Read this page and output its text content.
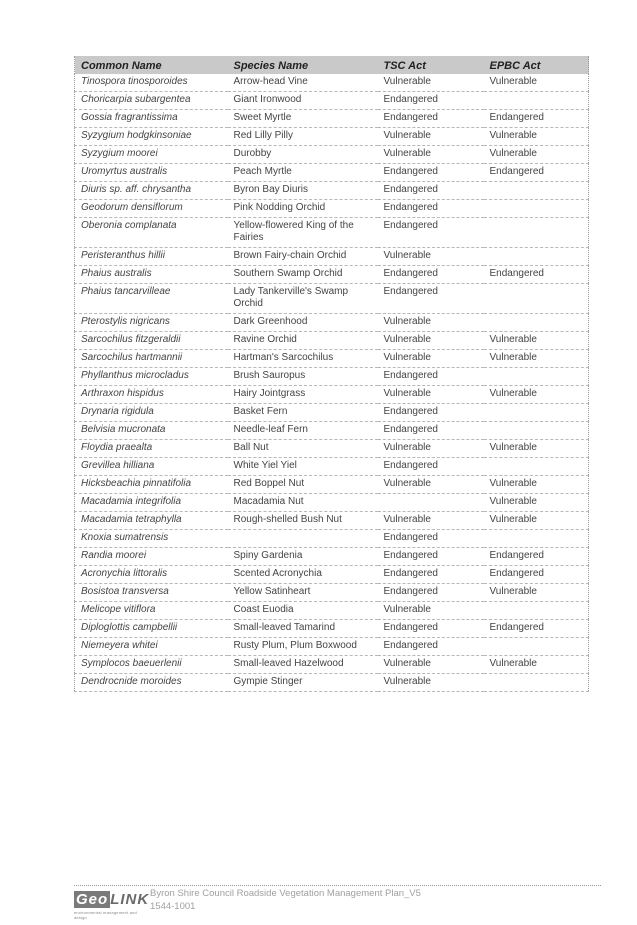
Common Name	Species Name	TSC Act	EPBC Act
Tinospora tinosporoides	Arrow-head Vine	Vulnerable	Vulnerable
Choricarpia subargentea	Giant Ironwood	Endangered	
Gossia fragrantissima	Sweet Myrtle	Endangered	Endangered
Syzygium hodgkinsoniae	Red Lilly Pilly	Vulnerable	Vulnerable
Syzygium moorei	Durobby	Vulnerable	Vulnerable
Uromyrtus australis	Peach Myrtle	Endangered	Endangered
Diuris sp. aff. chrysantha	Byron Bay Diuris	Endangered	
Geodorum densiflorum	Pink Nodding Orchid	Endangered	
Oberonia complanata	Yellow-flowered King of the Fairies	Endangered	
Peristeranthus hillii	Brown Fairy-chain Orchid	Vulnerable	
Phaius australis	Southern Swamp Orchid	Endangered	Endangered
Phaius tancarvilleae	Lady Tankerville's Swamp Orchid	Endangered	
Pterostylis nigricans	Dark Greenhood	Vulnerable	
Sarcochilus fitzgeraldii	Ravine Orchid	Vulnerable	Vulnerable
Sarcochilus hartmannii	Hartman's Sarcochilus	Vulnerable	Vulnerable
Phyllanthus microcladus	Brush Sauropus	Endangered	
Arthraxon hispidus	Hairy Jointgrass	Vulnerable	Vulnerable
Drynaria rigidula	Basket Fern	Endangered	
Belvisia mucronata	Needle-leaf Fern	Endangered	
Floydia praealta	Ball Nut	Vulnerable	Vulnerable
Grevillea hilliana	White Yiel Yiel	Endangered	
Hicksbeachia pinnatifolia	Red Boppel Nut	Vulnerable	Vulnerable
Macadamia integrifolia	Macadamia Nut		Vulnerable
Macadamia tetraphylla	Rough-shelled Bush Nut	Vulnerable	Vulnerable
Knoxia sumatrensis		Endangered	
Randia moorei	Spiny Gardenia	Endangered	Endangered
Acronychia littoralis	Scented Acronychia	Endangered	Endangered
Bosistoa transversa	Yellow Satinheart	Endangered	Vulnerable
Melicope vitiflora	Coast Euodia	Vulnerable	
Diploglottis campbellii	Small-leaved Tamarind	Endangered	Endangered
Niemeyera whitei	Rusty Plum, Plum Boxwood	Endangered	
Symplocos baeuerlenii	Small-leaved Hazelwood	Vulnerable	Vulnerable
Dendrocnide moroides	Gympie Stinger	Vulnerable	
Geo LINK
environmental management and design
Byron Shire Council Roadside Vegetation Management Plan_V5
1544-1001
